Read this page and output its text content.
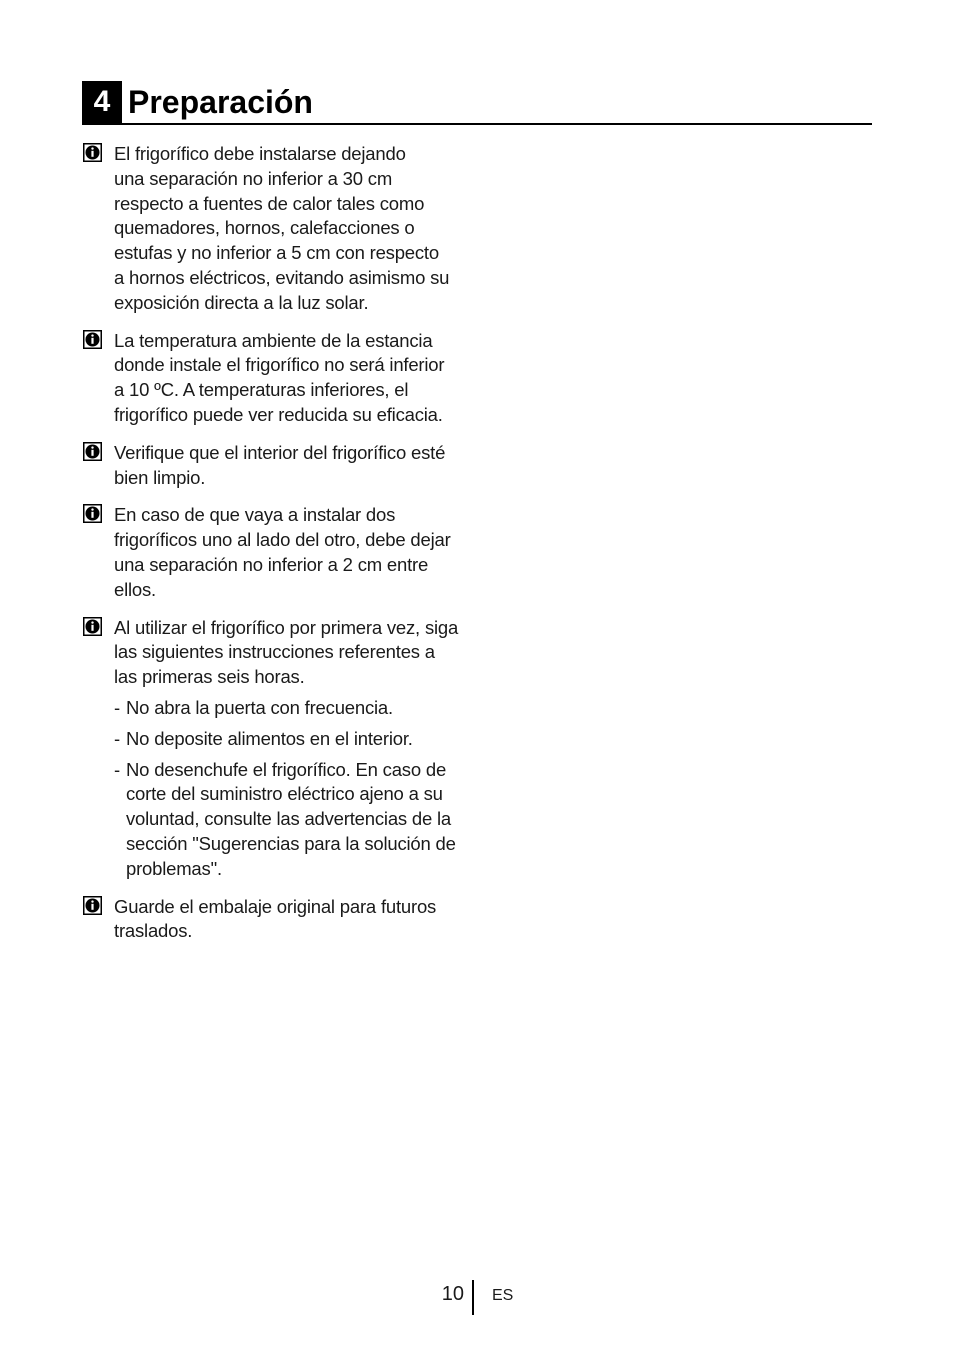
4 Preparación
El frigorífico debe instalarse dejando
una separación no inferior a 30 cm
respecto a fuentes de calor tales como
quemadores, hornos, calefacciones o
estufas y no inferior a 5 cm con respecto
a hornos eléctricos, evitando asimismo su
exposición directa a la luz solar.
La temperatura ambiente de la estancia
donde instale el frigorífico no será inferior
a 10 ºC. A temperaturas inferiores, el
frigorífico puede ver reducida su eficacia.
Verifique que el interior del frigorífico esté
bien limpio.
En caso de que vaya a instalar dos
frigoríficos uno al lado del otro, debe dejar
una separación no inferior a 2 cm entre
ellos.
Al utilizar el frigorífico por primera vez, siga
las siguientes instrucciones referentes a
las primeras seis horas.
- No abra la puerta con frecuencia.
- No deposite alimentos en el interior.
- No desenchufe el frigorífico. En caso de
corte del suministro eléctrico ajeno a su
voluntad, consulte las advertencias de la
sección "Sugerencias para la solución de
problemas".
Guarde el embalaje original para futuros
traslados.
10 ES
